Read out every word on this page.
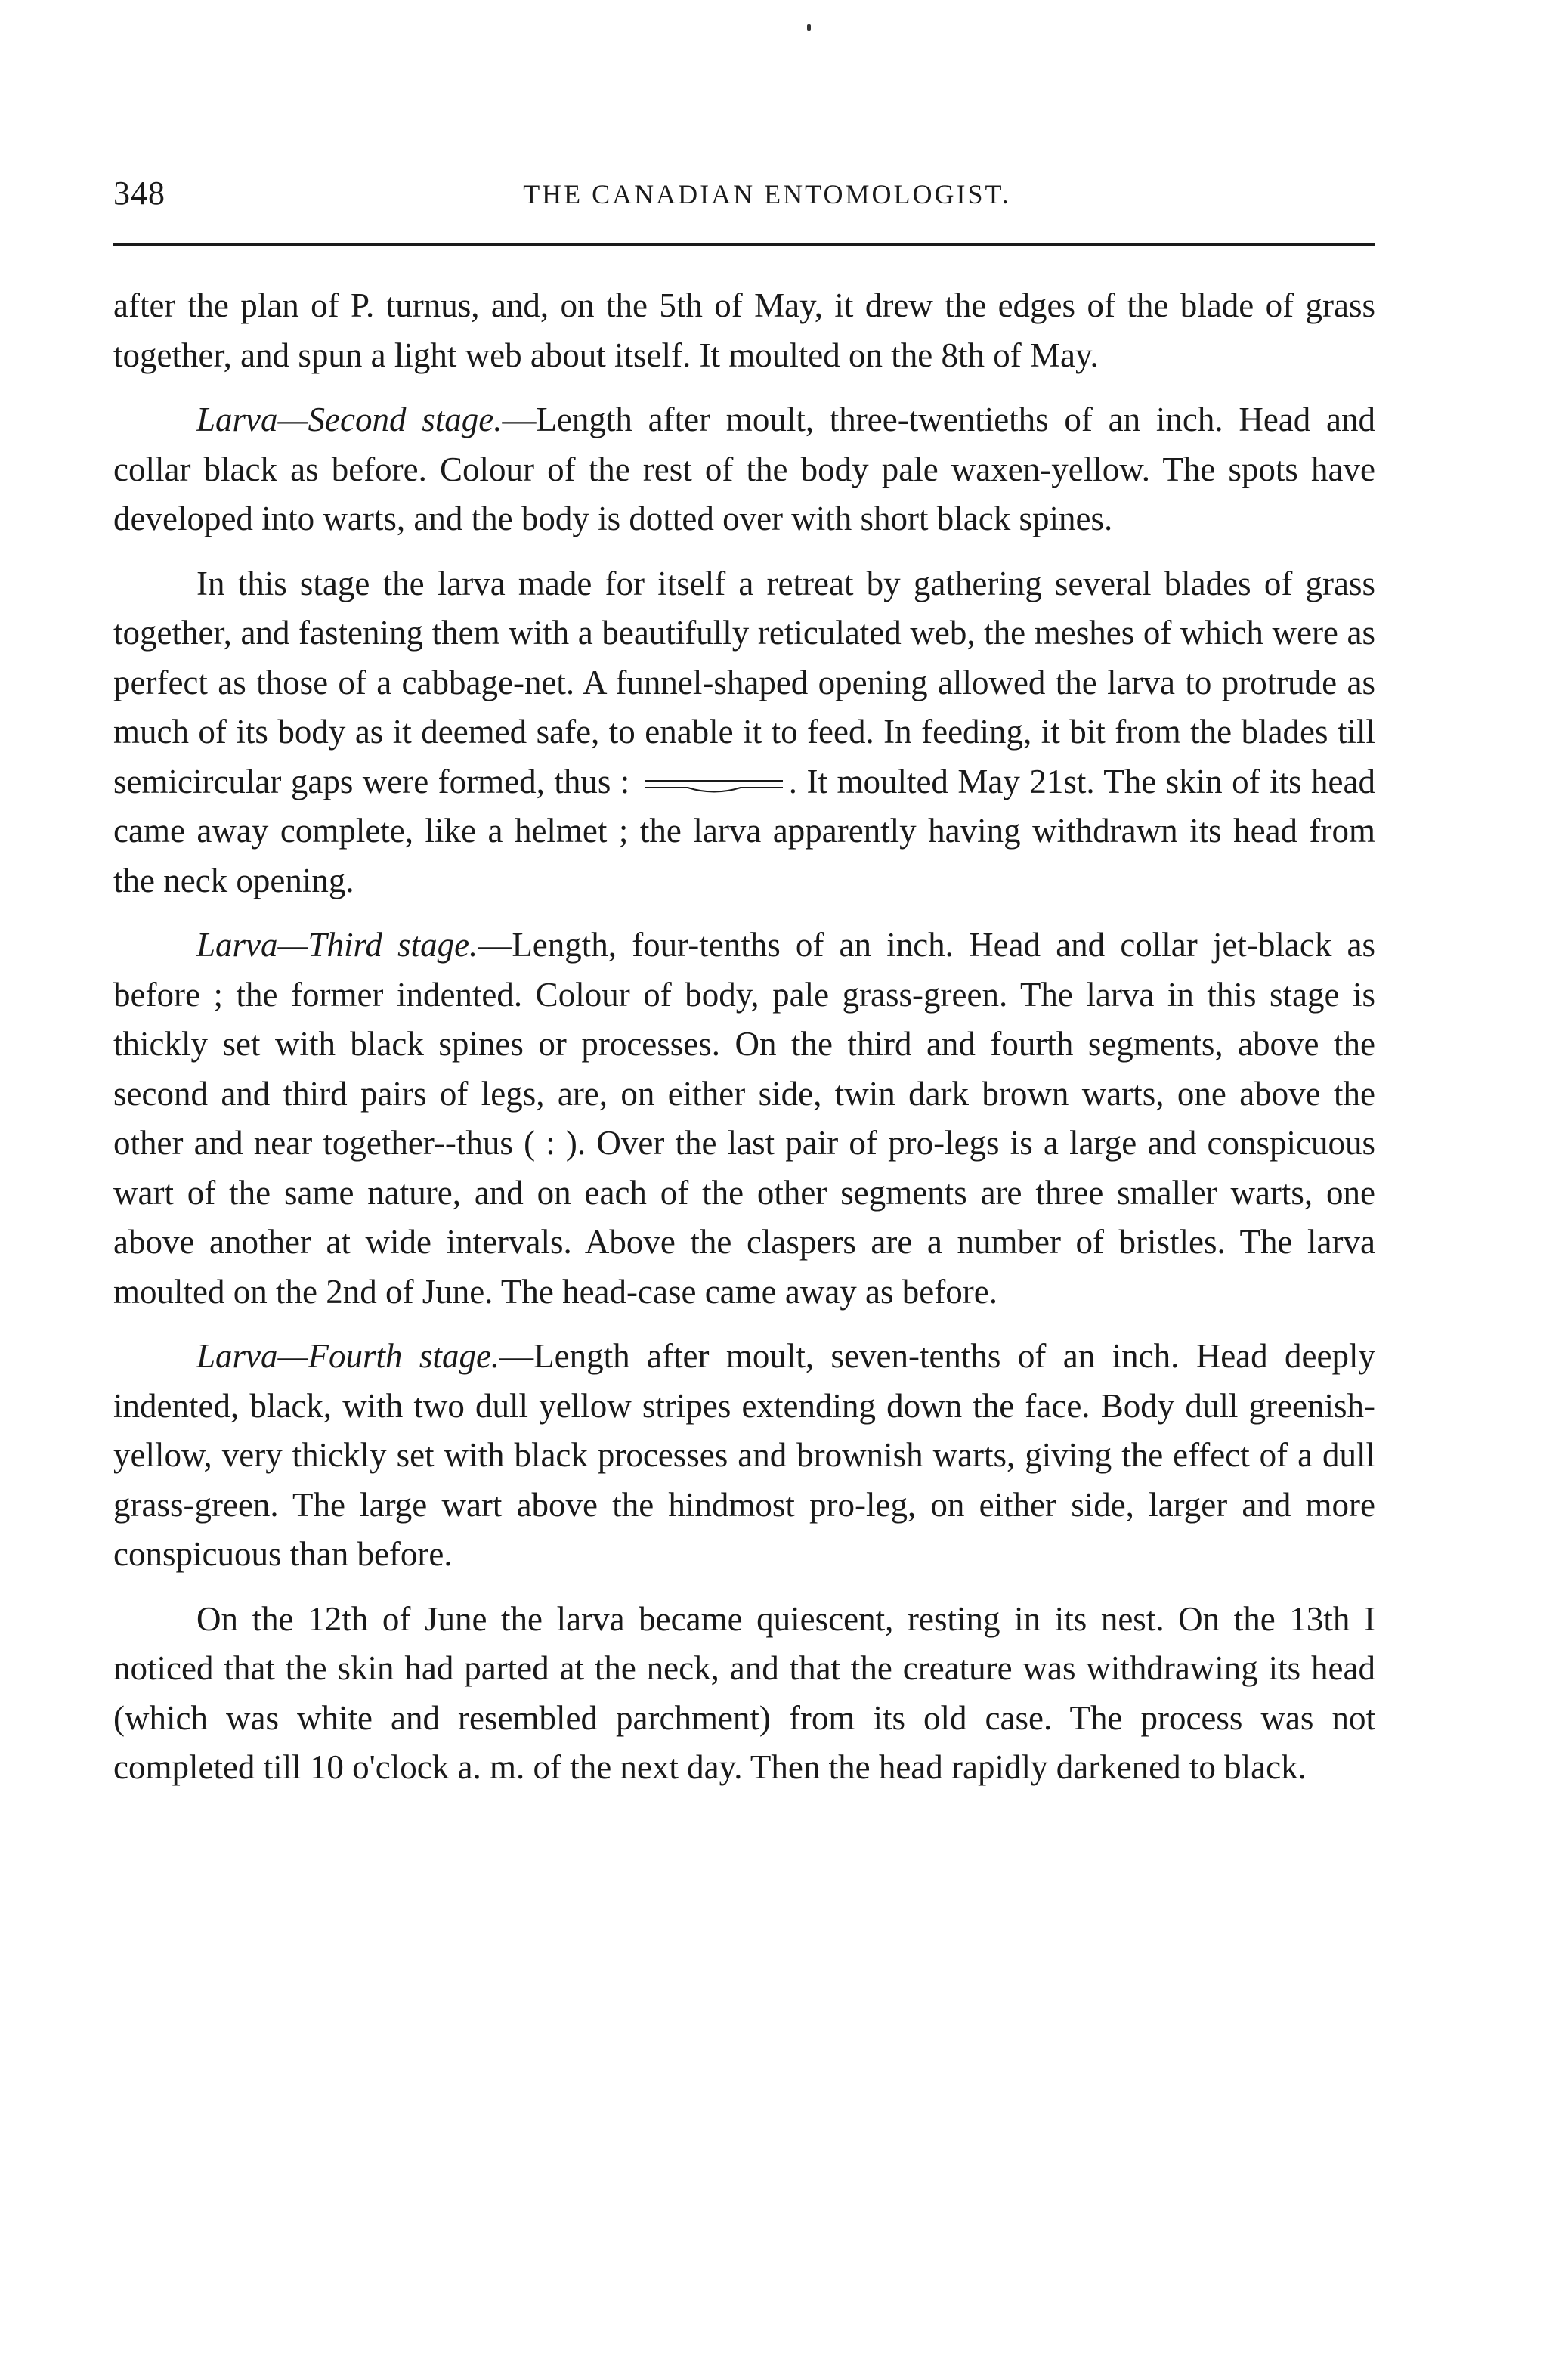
348	THE CANADIAN ENTOMOLOGIST.

after the plan of P. turnus, and, on the 5th of May, it drew the edges of the blade of grass together, and spun a light web about itself. It moulted on the 8th of May.

Larva—Second stage.—Length after moult, three-twentieths of an inch. Head and collar black as before. Colour of the rest of the body pale waxen-yellow. The spots have developed into warts, and the body is dotted over with short black spines.

In this stage the larva made for itself a retreat by gathering several blades of grass together, and fastening them with a beautifully reticulated web, the meshes of which were as perfect as those of a cabbage-net. A funnel-shaped opening allowed the larva to protrude as much of its body as it deemed safe, to enable it to feed. In feeding, it bit from the blades till semicircular gaps were formed, thus :	. It moulted May 21st. The skin of its head came away complete, like a helmet ; the larva apparently having withdrawn its head from the neck opening.

Larva—Third stage.—Length, four-tenths of an inch. Head and collar jet-black as before ; the former indented. Colour of body, pale grass-green. The larva in this stage is thickly set with black spines or processes. On the third and fourth segments, above the second and third pairs of legs, are, on either side, twin dark brown warts, one above the other and near together--thus ( : ). Over the last pair of pro-legs is a large and conspicuous wart of the same nature, and on each of the other segments are three smaller warts, one above another at wide intervals. Above the claspers are a number of bristles. The larva moulted on the 2nd of June. The head-case came away as before.

Larva—Fourth stage.—Length after moult, seven-tenths of an inch. Head deeply indented, black, with two dull yellow stripes extending down the face. Body dull greenish-yellow, very thickly set with black processes and brownish warts, giving the effect of a dull grass-green. The large wart above the hindmost pro-leg, on either side, larger and more conspicuous than before.

On the 12th of June the larva became quiescent, resting in its nest. On the 13th I noticed that the skin had parted at the neck, and that the creature was withdrawing its head (which was white and resembled parchment) from its old case. The process was not completed till 10 o'clock a. m. of the next day. Then the head rapidly darkened to black.
